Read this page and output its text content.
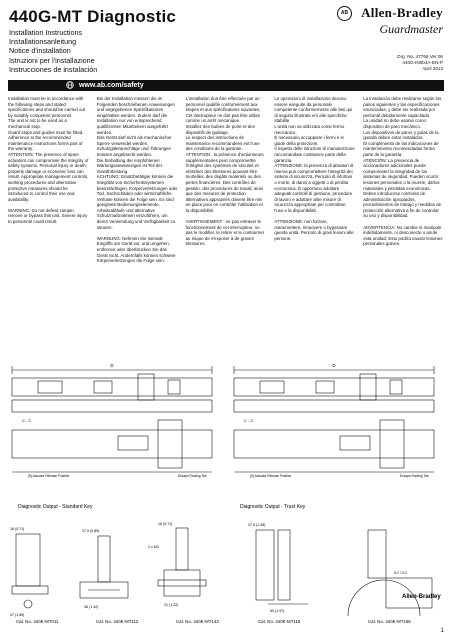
440G-MT Diagnostic
Installation Instructions
Installationsanleitung
Notice d'installation
Istruzioni per l'installazione
Instrucciones de instalación
AB Allen-Bradley
Guardmaster
Drg. No. 47766 Ver 06
440G-IN004A-EN-P
April 2013
www.ab.com/safety
Installation must be in accordance with the following steps and stated specifications and should be carried out by suitably competent personnel.
The unit is not to be used as a mechanical stop.
Guard stops and guides must be fitted.
Adherence to the recommended maintenance instructions forms part of the warranty.
ATTENTION: The presence of spare actuators can compromise the integrity of safety systems. Personal injury or death, property damage or economic loss can result. Appropriate management controls, working procedures and alternative protective measures should be introduced to control their use and availability.

WARNING: Do not defeat, tamper, remove or bypass this unit. Severe injury to personnel could result.
Bei der Installation müssen die im Folgenden beschriebenen Anweisungen und angegebenen Spezifikationen eingehalten werden. Zudem darf die Installation nur von entsprechend qualifizierten Mitarbeitern ausgeführt werden.
Das Gerät darf nicht als mechanischer Sperre verwendet werden.
Schutzgitteranschläge und -führungen müssen angebracht werden.
Die Einhaltung der empfohlenen Wartungsanweisungen ist Teil der Gewährleistung.
ACHTUNG: Ersatzbetätiger können die Integrität von Sicherheitssystemen beeinträchtigen. Körperverletzungen oder Tod, Sachschäden oder wirtschaftliche Verluste können die Folge sein. Es sind geeignete Bedienungselemente, Arbeitsabläufe und alternative Schutzmaßnahmen einzuführen, um deren Verwendung und Verfügbarkeit zu steuern.

WARNUNG: Nehmen Sie niemals Eingriffe am Gerät vor, und umgehen, entfernen oder überbrücken Sie das Gerät nicht. Andernfalls können schwere Körperverletzungen die Folge sein.
L'installation doit être effectuée par un personnel qualifié conformément aux étapes et aux spécifications suivantes.
Cet interrupteur ne doit pas être utilisé comme un arrêt mécanique.
Installez des butées de porte et des dispositifs de guidage.
Le respect des instructions de maintenance recommandées est l'une des conditions de la garantie.
ATTENTION : la présence d'actionneurs supplémentaires peut compromettre l'intégrité des systèmes de sécurité et entraîner des blessures pouvant être mortelles, des dégâts matériels ou des pertes financières. Des contrôles de gestion, des procédures de travail, ainsi que des mesures de protection alternatives appropriés doivent être mis en place pour en contrôler l'utilisation et la disponibilité.

AVERTISSEMENT : ne pas entraver le fonctionnement de cet interrupteur, ne pas le modifier, le retirer et le contourner au risque de s'exposer à de graves blessures.
Le operazioni di installazione devono essere eseguite da personale competente conformemente alle fasi qui di seguito illustrate e/o alle specifiche stabilite.
L'unità non va utilizzata come fermo meccanico.
È necessario accoppiare i fermi e le guide della protezione.
Il rispetto delle istruzioni di manutenzione raccomandate costituisce parte della garanzia.
ATTENZIONE: la presenza di attuatori di riserva può compromettere l'integrità dei sistemi di sicurezza. Pericolo di infortuni o morte, di danni a oggetti o di perdita economica. È opportuno adottare adeguati controlli di gestione, procedure di lavoro e adottare altre misure di sicurezza appropriate per controllare l'uso e la disponibilità.

ATTENZIONE: non forzare, manomettere, rimuovere o bypassare questa unità. Pericolo di gravi lesioni alle persone.
La instalación debe realizarse según los pasos siguientes y las especificaciones enunciadas, y debe ser realizada por personal debidamente capacitado.
La unidad no debe usarse como dispositivo de paro mecánico.
Los dispositivos de paros y guías de la guarda deben estar instalados.
El cumplimiento de las indicaciones de mantenimiento recomendadas forma parte de la garantía.
ATENCIÓN: La presencia de accionadores adicionales puede comprometer la integridad de los sistemas de seguridad. Pueden ocurrir lesiones personales o la muerte, daños materiales y pérdidas económicas. Deben introducirse controles de administración apropiados, procedimientos de trabajo y medidas de protección alternativa a fin de controlar su uso y disponibilidad.

ADVERTENCIA: No cambie ni manipule indebidamente, ni desconecte o anule esta unidad. Esto podría causar lesiones personales graves.
D	D
C - C	C - C
(5) Actuator Release Position	Escape Routing Tab	(5) Actuator Release Position	Escape Routing Tab
Diagnostic Output - Standard Key	Diagnostic Output - Trust Key
18 (0.71)
47 (1.85)
37.5 (0.89)
36 (1.42)
18 (0.71)
2 x M3
31 (1.22)
37.5 (1.48)
50 (1.97)
5.2 / 0.2
Allen-Bradley
Cat. No. 440K-MT011	Cat. No. 440K-MT112	Cat. No. 440K-MT143	Cat. No. 440K-MT116	Cat. No. 440K-MT165
1
